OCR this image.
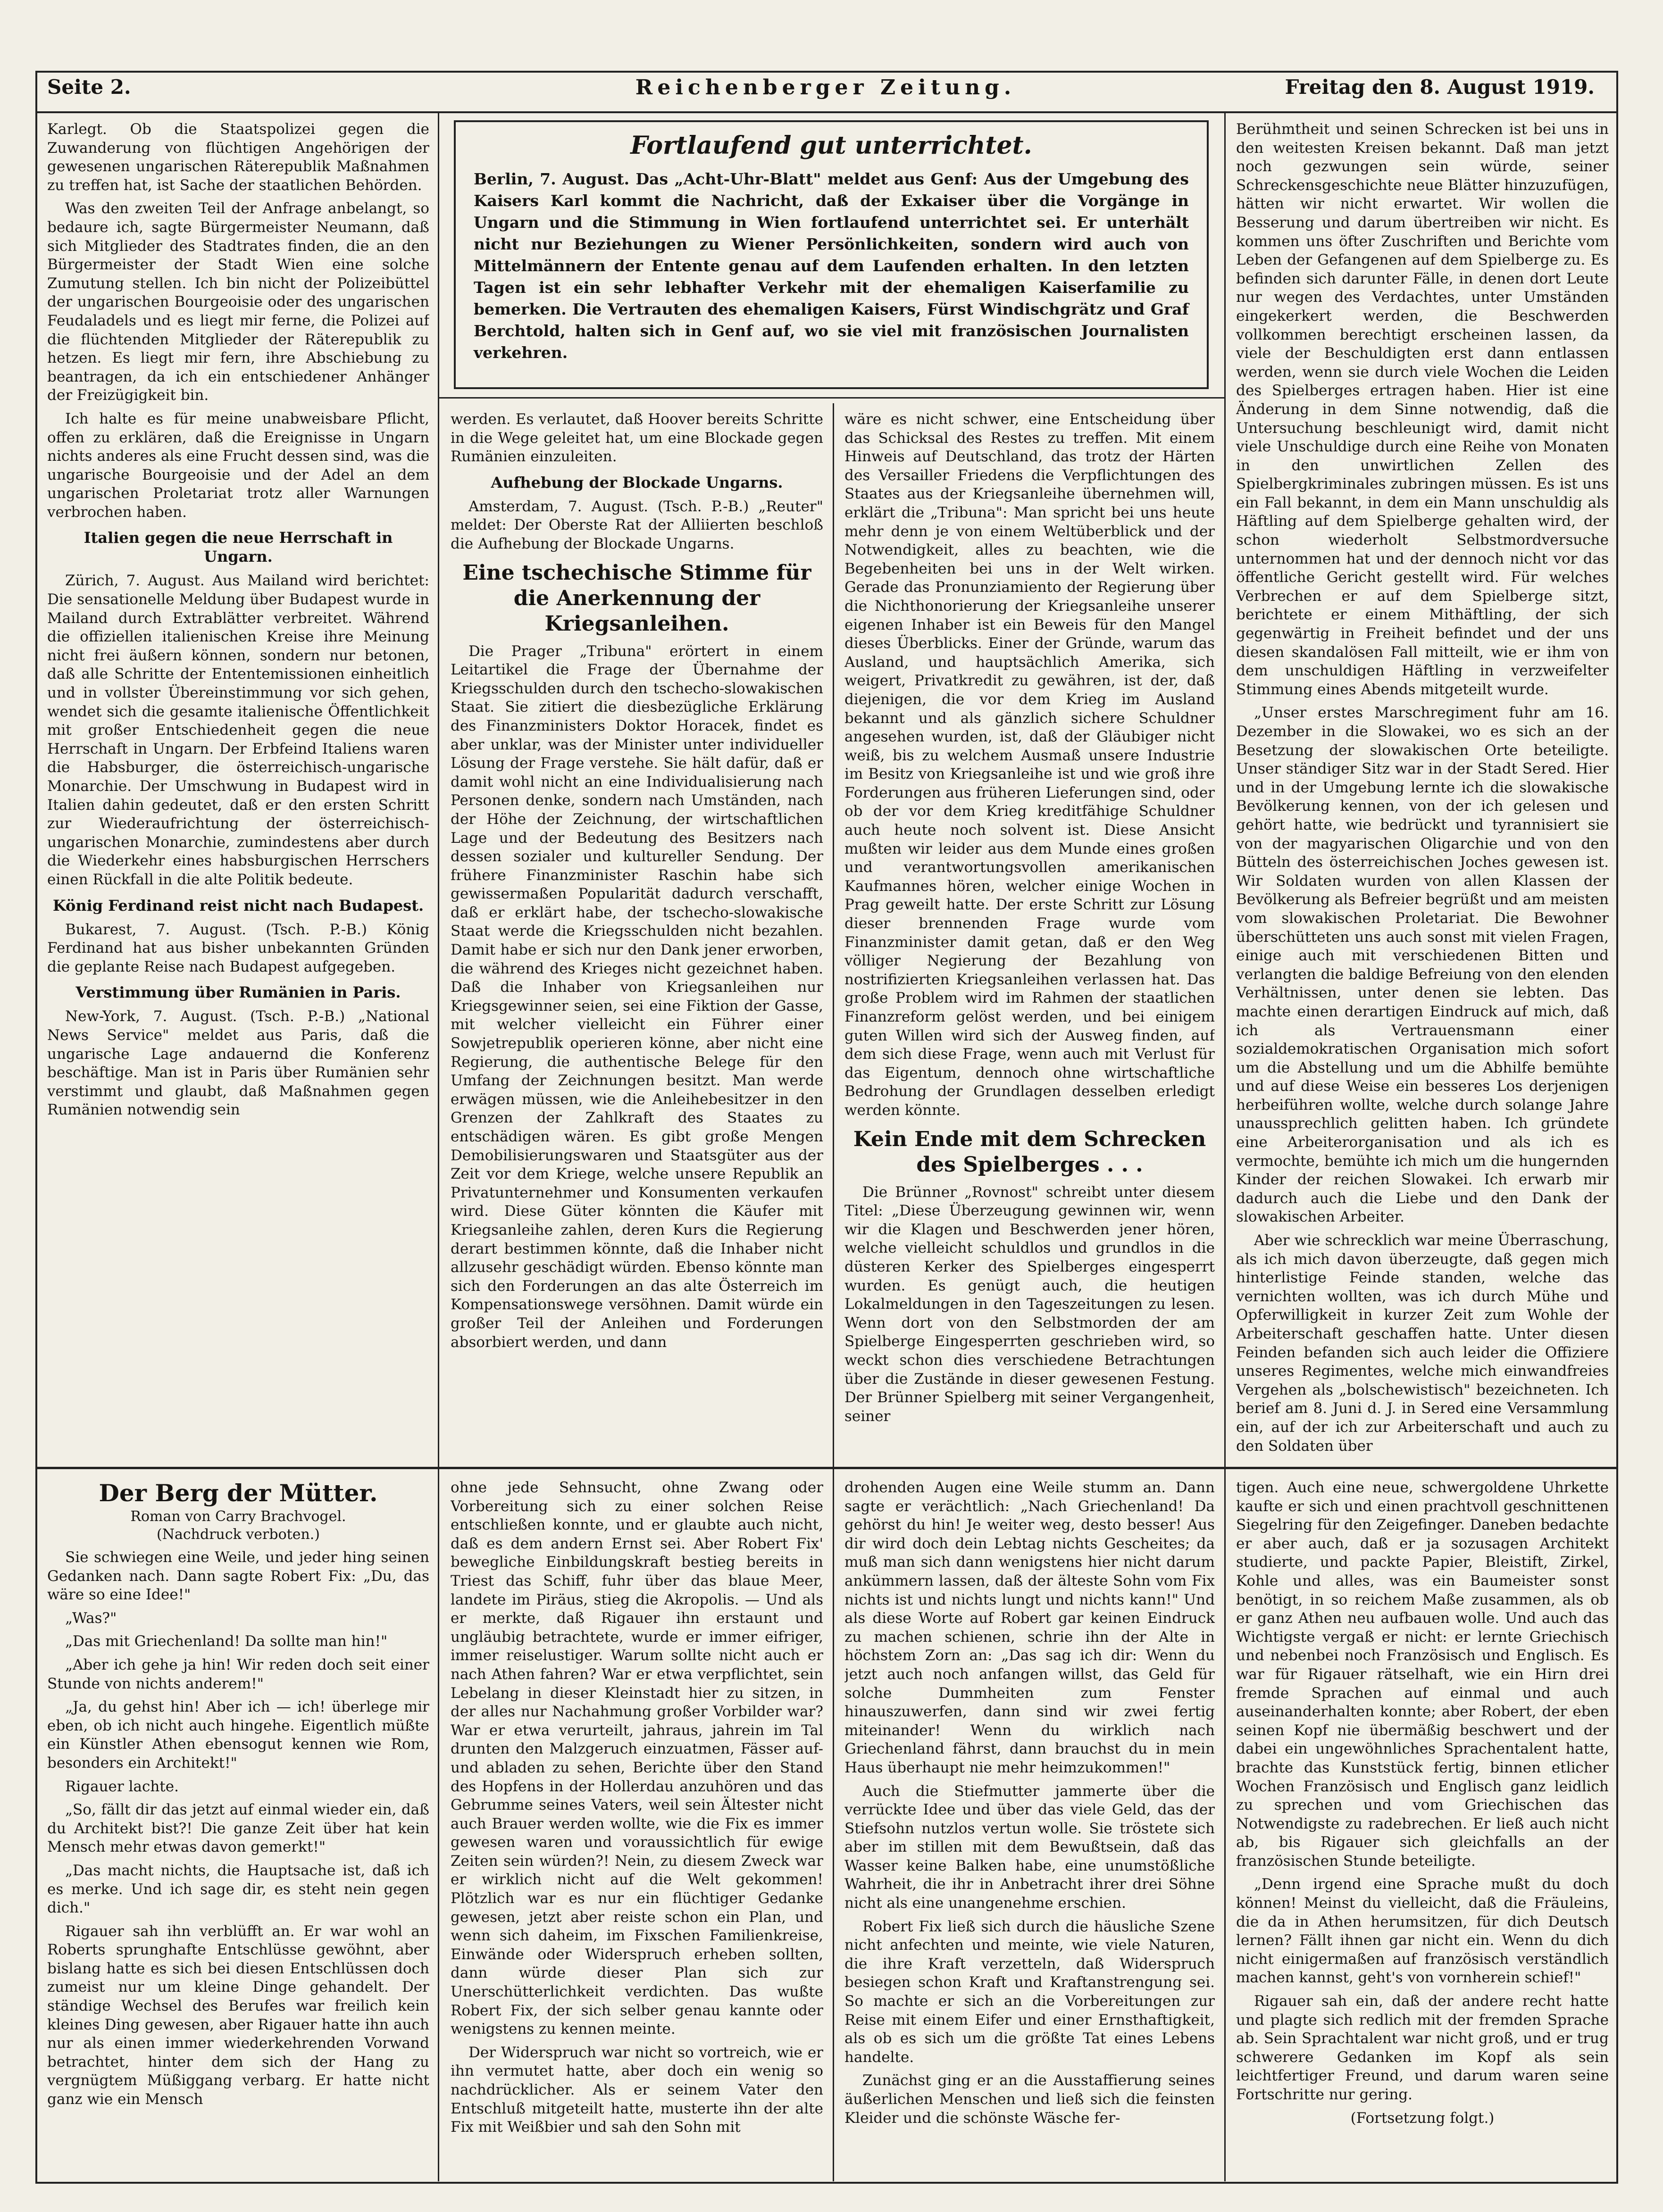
Seite 2.	Reichenberger Zeitung.	Freitag den 8. August 1919.

Karlegt. Ob die Staatspolizei gegen die Zuwanderung von flüchtigen Angehörigen der gewesenen ungarischen Räterepublik Maßnahmen zu treffen hat, ist Sache der staatlichen Behörden.

Was den zweiten Teil der Anfrage anbelangt, so bedaure ich, sagte Bürgermeister Neumann, daß sich Mitglieder des Stadtrates finden, die an den Bürgermeister der Stadt Wien eine solche Zumutung stellen. Ich bin nicht der Polizeibüttel der ungarischen Bourgeoisie oder des ungarischen Feudaladels und es liegt mir ferne, die Polizei auf die flüchtenden Mitglieder der Räterepublik zu hetzen. Es liegt mir fern, ihre Abschiebung zu beantragen, da ich ein entschiedener Anhänger der Freizügigkeit bin.

Ich halte es für meine unabweisbare Pflicht, offen zu erklären, daß die Ereignisse in Ungarn nichts anderes als eine Frucht dessen sind, was die ungarische Bourgeoisie und der Adel an dem ungarischen Proletariat trotz aller Warnungen verbrochen haben.

Italien gegen die neue Herrschaft in Ungarn.

Zürich, 7. August. Aus Mailand wird berichtet: Die sensationelle Meldung über Budapest wurde in Mailand durch Extrablätter verbreitet. Während die offiziellen italienischen Kreise ihre Meinung nicht frei äußern können, sondern nur betonen, daß alle Schritte der Ententemissionen einheitlich und in vollster Übereinstimmung vor sich gehen, wendet sich die gesamte italienische Öffentlichkeit mit großer Entschiedenheit gegen die neue Herrschaft in Ungarn. Der Erbfeind Italiens waren die Habsburger, die österreichisch-ungarische Monarchie. Der Umschwung in Budapest wird in Italien dahin gedeutet, daß er den ersten Schritt zur Wiederaufrichtung der österreichisch-ungarischen Monarchie, zumindestens aber durch die Wiederkehr eines habsburgischen Herrschers einen Rückfall in die alte Politik bedeute.

König Ferdinand reist nicht nach Budapest.

Bukarest, 7. August. (Tsch. P.-B.) König Ferdinand hat aus bisher unbekannten Gründen die geplante Reise nach Budapest aufgegeben.

Verstimmung über Rumänien in Paris.

New-York, 7. August. (Tsch. P.-B.) „National News Service" meldet aus Paris, daß die ungarische Lage andauernd die Konferenz beschäftige. Man ist in Paris über Rumänien sehr verstimmt und glaubt, daß Maßnahmen gegen Rumänien notwendig sein

Fortlaufend gut unterrichtet.
Berlin, 7. August. Das „Acht-Uhr-Blatt" meldet aus Genf: Aus der Umgebung des Kaisers Karl kommt die Nachricht, daß der Exkaiser über die Vorgänge in Ungarn und die Stimmung in Wien fortlaufend unterrichtet sei. Er unterhält nicht nur Beziehungen zu Wiener Persönlichkeiten, sondern wird auch von Mittelmännern der Entente genau auf dem Laufenden erhalten. In den letzten Tagen ist ein sehr lebhafter Verkehr mit der ehemaligen Kaiserfamilie zu bemerken. Die Vertrauten des ehemaligen Kaisers, Fürst Windischgrätz und Graf Berchtold, halten sich in Genf auf, wo sie viel mit französischen Journalisten verkehren.

werden. Es verlautet, daß Hoover bereits Schritte in die Wege geleitet hat, um eine Blockade gegen Rumänien einzuleiten.

Aufhebung der Blockade Ungarns.

Amsterdam, 7. August. (Tsch. P.-B.) „Reuter" meldet: Der Oberste Rat der Alliierten beschloß die Aufhebung der Blockade Ungarns.

Eine tschechische Stimme für die Anerkennung der Kriegsanleihen.

Die Prager „Tribuna" erörtert in einem Leitartikel die Frage der Übernahme der Kriegsschulden durch den tschecho-slowakischen Staat. Sie zitiert die diesbezügliche Erklärung des Finanzministers Doktor Horacek, findet es aber unklar, was der Minister unter individueller Lösung der Frage verstehe. Sie hält dafür, daß er damit wohl nicht an eine Individualisierung nach Personen denke, sondern nach Umständen, nach der Höhe der Zeichnung, der wirtschaftlichen Lage und der Bedeutung des Besitzers nach dessen sozialer und kultureller Sendung. Der frühere Finanzminister Raschin habe sich gewissermaßen Popularität dadurch verschafft, daß er erklärt habe, der tschecho-slowakische Staat werde die Kriegsschulden nicht bezahlen. Damit habe er sich nur den Dank jener erworben, die während des Krieges nicht gezeichnet haben. Daß die Inhaber von Kriegsanleihen nur Kriegsgewinner seien, sei eine Fiktion der Gasse, mit welcher vielleicht ein Führer einer Sowjetrepublik operieren könne, aber nicht eine Regierung, die authentische Belege für den Umfang der Zeichnungen besitzt. Man werde erwägen müssen, wie die Anleihebesitzer in den Grenzen der Zahlkraft des Staates zu entschädigen wären. Es gibt große Mengen Demobilisierungswaren und Staatsgüter aus der Zeit vor dem Kriege, welche unsere Republik an Privatunternehmer und Konsumenten verkaufen wird. Diese Güter könnten die Käufer mit Kriegsanleihe zahlen, deren Kurs die Regierung derart bestimmen könnte, daß die Inhaber nicht allzusehr geschädigt würden. Ebenso könnte man sich den Forderungen an das alte Österreich im Kompensationswege versöhnen. Damit würde ein großer Teil der Anleihen und Forderungen absorbiert werden, und dann

wäre es nicht schwer, eine Entscheidung über das Schicksal des Restes zu treffen. Mit einem Hinweis auf Deutschland, das trotz der Härten des Versailler Friedens die Verpflichtungen des Staates aus der Kriegsanleihe übernehmen will, erklärt die „Tribuna": Man spricht bei uns heute mehr denn je von einem Weltüberblick und der Notwendigkeit, alles zu beachten, wie die Begebenheiten bei uns in der Welt wirken. Gerade das Pronunziamiento der Regierung über die Nichthonorierung der Kriegsanleihe unserer eigenen Inhaber ist ein Beweis für den Mangel dieses Überblicks. Einer der Gründe, warum das Ausland, und hauptsächlich Amerika, sich weigert, Privatkredit zu gewähren, ist der, daß diejenigen, die vor dem Krieg im Ausland bekannt und als gänzlich sichere Schuldner angesehen wurden, ist, daß der Gläubiger nicht weiß, bis zu welchem Ausmaß unsere Industrie im Besitz von Kriegsanleihe ist und wie groß ihre Forderungen aus früheren Lieferungen sind, oder ob der vor dem Krieg kreditfähige Schuldner auch heute noch solvent ist. Diese Ansicht mußten wir leider aus dem Munde eines großen und verantwortungsvollen amerikanischen Kaufmannes hören, welcher einige Wochen in Prag geweilt hatte. Der erste Schritt zur Lösung dieser brennenden Frage wurde vom Finanzminister damit getan, daß er den Weg völliger Negierung der Bezahlung von nostrifizierten Kriegsanleihen verlassen hat. Das große Problem wird im Rahmen der staatlichen Finanzreform gelöst werden, und bei einigem guten Willen wird sich der Ausweg finden, auf dem sich diese Frage, wenn auch mit Verlust für das Eigentum, dennoch ohne wirtschaftliche Bedrohung der Grundlagen desselben erledigt werden könnte.

Kein Ende mit dem Schrecken des Spielberges . . .

Die Brünner „Rovnost" schreibt unter diesem Titel: „Diese Überzeugung gewinnen wir, wenn wir die Klagen und Beschwerden jener hören, welche vielleicht schuldlos und grundlos in die düsteren Kerker des Spielberges eingesperrt wurden. Es genügt auch, die heutigen Lokalmeldungen in den Tageszeitungen zu lesen. Wenn dort von den Selbstmorden der am Spielberge Eingesperrten geschrieben wird, so weckt schon dies verschiedene Betrachtungen über die Zustände in dieser gewesenen Festung. Der Brünner Spielberg mit seiner Vergangenheit, seiner

Berühmtheit und seinen Schrecken ist bei uns in den weitesten Kreisen bekannt. Daß man jetzt noch gezwungen sein würde, seiner Schreckensgeschichte neue Blätter hinzuzufügen, hätten wir nicht erwartet. Wir wollen die Besserung und darum übertreiben wir nicht. Es kommen uns öfter Zuschriften und Berichte vom Leben der Gefangenen auf dem Spielberge zu. Es befinden sich darunter Fälle, in denen dort Leute nur wegen des Verdachtes, unter Umständen eingekerkert werden, die Beschwerden vollkommen berechtigt erscheinen lassen, da viele der Beschuldigten erst dann entlassen werden, wenn sie durch viele Wochen die Leiden des Spielberges ertragen haben. Hier ist eine Änderung in dem Sinne notwendig, daß die Untersuchung beschleunigt wird, damit nicht viele Unschuldige durch eine Reihe von Monaten in den unwirtlichen Zellen des Spielbergkriminales zubringen müssen. Es ist uns ein Fall bekannt, in dem ein Mann unschuldig als Häftling auf dem Spielberge gehalten wird, der schon wiederholt Selbstmordversuche unternommen hat und der dennoch nicht vor das öffentliche Gericht gestellt wird. Für welches Verbrechen er auf dem Spielberge sitzt, berichtete er einem Mithäftling, der sich gegenwärtig in Freiheit befindet und der uns diesen skandalösen Fall mitteilt, wie er ihm von dem unschuldigen Häftling in verzweifelter Stimmung eines Abends mitgeteilt wurde.

„Unser erstes Marschregiment fuhr am 16. Dezember in die Slowakei, wo es sich an der Besetzung der slowakischen Orte beteiligte. Unser ständiger Sitz war in der Stadt Sered. Hier und in der Umgebung lernte ich die slowakische Bevölkerung kennen, von der ich gelesen und gehört hatte, wie bedrückt und tyrannisiert sie von der magyarischen Oligarchie und von den Bütteln des österreichischen Joches gewesen ist. Wir Soldaten wurden von allen Klassen der Bevölkerung als Befreier begrüßt und am meisten vom slowakischen Proletariat. Die Bewohner überschütteten uns auch sonst mit vielen Fragen, einige auch mit verschiedenen Bitten und verlangten die baldige Befreiung von den elenden Verhältnissen, unter denen sie lebten. Das machte einen derartigen Eindruck auf mich, daß ich als Vertrauensmann einer sozialdemokratischen Organisation mich sofort um die Abstellung und um die Abhilfe bemühte und auf diese Weise ein besseres Los derjenigen herbeiführen wollte, welche durch solange Jahre unaussprechlich gelitten haben. Ich gründete eine Arbeiterorganisation und als ich es vermochte, bemühte ich mich um die hungernden Kinder der reichen Slowakei. Ich erwarb mir dadurch auch die Liebe und den Dank der slowakischen Arbeiter.

Aber wie schrecklich war meine Überraschung, als ich mich davon überzeugte, daß gegen mich hinterlistige Feinde standen, welche das vernichten wollten, was ich durch Mühe und Opferwilligkeit in kurzer Zeit zum Wohle der Arbeiterschaft geschaffen hatte. Unter diesen Feinden befanden sich auch leider die Offiziere unseres Regimentes, welche mich einwandfreies Vergehen als „bolschewistisch" bezeichneten. Ich berief am 8. Juni d. J. in Sered eine Versammlung ein, auf der ich zur Arbeiterschaft und auch zu den Soldaten über

Der Berg der Mütter.
Roman von Carry Brachvogel.
(Nachdruck verboten.)

Sie schwiegen eine Weile, und jeder hing seinen Gedanken nach. Dann sagte Robert Fix: „Du, das wäre so eine Idee!"

„Was?"

„Das mit Griechenland! Da sollte man hin!"

„Aber ich gehe ja hin! Wir reden doch seit einer Stunde von nichts anderem!"

„Ja, du gehst hin! Aber ich — ich! überlege mir eben, ob ich nicht auch hingehe. Eigentlich müßte ein Künstler Athen ebensogut kennen wie Rom, besonders ein Architekt!"

Rigauer lachte.

„So, fällt dir das jetzt auf einmal wieder ein, daß du Architekt bist?! Die ganze Zeit über hat kein Mensch mehr etwas davon gemerkt!"

„Das macht nichts, die Hauptsache ist, daß ich es merke. Und ich sage dir, es steht nein gegen dich."

Rigauer sah ihn verblüfft an. Er war wohl an Roberts sprunghafte Entschlüsse gewöhnt, aber bislang hatte es sich bei diesen Entschlüssen doch zumeist nur um kleine Dinge gehandelt. Der ständige Wechsel des Berufes war freilich kein kleines Ding gewesen, aber Rigauer hatte ihn auch nur als einen immer wiederkehrenden Vorwand betrachtet, hinter dem sich der Hang zu vergnügtem Müßiggang verbarg. Er hatte nicht ganz wie ein Mensch

ohne jede Sehnsucht, ohne Zwang oder Vorbereitung sich zu einer solchen Reise entschließen konnte, und er glaubte auch nicht, daß es dem andern Ernst sei. Aber Robert Fix' bewegliche Einbildungskraft bestieg bereits in Triest das Schiff, fuhr über das blaue Meer, landete im Piräus, stieg die Akropolis. — Und als er merkte, daß Rigauer ihn erstaunt und ungläubig betrachtete, wurde er immer eifriger, immer reiselustiger. Warum sollte nicht auch er nach Athen fahren? War er etwa verpflichtet, sein Lebelang in dieser Kleinstadt hier zu sitzen, in der alles nur Nachahmung großer Vorbilder war? War er etwa verurteilt, jahraus, jahrein im Tal drunten den Malzgeruch einzuatmen, Fässer auf- und abladen zu sehen, Berichte über den Stand des Hopfens in der Hollerdau anzuhören und das Gebrumme seines Vaters, weil sein Ältester nicht auch Brauer werden wollte, wie die Fix es immer gewesen waren und voraussichtlich für ewige Zeiten sein würden?! Nein, zu diesem Zweck war er wirklich nicht auf die Welt gekommen! Plötzlich war es nur ein flüchtiger Gedanke gewesen, jetzt aber reiste schon ein Plan, und wenn sich daheim, im Fixschen Familienkreise, Einwände oder Widerspruch erheben sollten, dann würde dieser Plan sich zur Unerschütterlichkeit verdichten. Das wußte Robert Fix, der sich selber genau kannte oder wenigstens zu kennen meinte.

Der Widerspruch war nicht so vortreich, wie er ihn vermutet hatte, aber doch ein wenig so nachdrücklicher. Als er seinem Vater den Entschluß mitgeteilt hatte, musterte ihn der alte Fix mit Weißbier und sah den Sohn mit

drohenden Augen eine Weile stumm an. Dann sagte er verächtlich: „Nach Griechenland! Da gehörst du hin! Je weiter weg, desto besser! Aus dir wird doch dein Lebtag nichts Gescheites; da muß man sich dann wenigstens hier nicht darum ankümmern lassen, daß der älteste Sohn vom Fix nichts ist und nichts lungt und nichts kann!" Und als diese Worte auf Robert gar keinen Eindruck zu machen schienen, schrie ihn der Alte in höchstem Zorn an: „Das sag ich dir: Wenn du jetzt auch noch anfangen willst, das Geld für solche Dummheiten zum Fenster hinauszuwerfen, dann sind wir zwei fertig miteinander! Wenn du wirklich nach Griechenland fährst, dann brauchst du in mein Haus überhaupt nie mehr heimzukommen!"

Auch die Stiefmutter jammerte über die verrückte Idee und über das viele Geld, das der Stiefsohn nutzlos vertun wolle. Sie tröstete sich aber im stillen mit dem Bewußtsein, daß das Wasser keine Balken habe, eine unumstößliche Wahrheit, die ihr in Anbetracht ihrer drei Söhne nicht als eine unangenehme erschien.

Robert Fix ließ sich durch die häusliche Szene nicht anfechten und meinte, wie viele Naturen, die ihre Kraft verzetteln, daß Widerspruch besiegen schon Kraft und Kraftanstrengung sei. So machte er sich an die Vorbereitungen zur Reise mit einem Eifer und einer Ernsthaftigkeit, als ob es sich um die größte Tat eines Lebens handelte.

Zunächst ging er an die Ausstaffierung seines äußerlichen Menschen und ließ sich die feinsten Kleider und die schönste Wäsche fer-

tigen. Auch eine neue, schwergoldene Uhrkette kaufte er sich und einen prachtvoll geschnittenen Siegelring für den Zeigefinger. Daneben bedachte er aber auch, daß er ja sozusagen Architekt studierte, und packte Papier, Bleistift, Zirkel, Kohle und alles, was ein Baumeister sonst benötigt, in so reichem Maße zusammen, als ob er ganz Athen neu aufbauen wolle. Und auch das Wichtigste vergaß er nicht: er lernte Griechisch und nebenbei noch Französisch und Englisch. Es war für Rigauer rätselhaft, wie ein Hirn drei fremde Sprachen auf einmal und auch auseinanderhalten konnte; aber Robert, der eben seinen Kopf nie übermäßig beschwert und der dabei ein ungewöhnliches Sprachentalent hatte, brachte das Kunststück fertig, binnen etlicher Wochen Französisch und Englisch ganz leidlich zu sprechen und vom Griechischen das Notwendigste zu radebrechen. Er ließ auch nicht ab, bis Rigauer sich gleichfalls an der französischen Stunde beteiligte.

„Denn irgend eine Sprache mußt du doch können! Meinst du vielleicht, daß die Fräuleins, die da in Athen herumsitzen, für dich Deutsch lernen? Fällt ihnen gar nicht ein. Wenn du dich nicht einigermaßen auf französisch verständlich machen kannst, geht's von vornherein schief!"

Rigauer sah ein, daß der andere recht hatte und plagte sich redlich mit der fremden Sprache ab. Sein Sprachtalent war nicht groß, und er trug schwerere Gedanken im Kopf als sein leichtfertiger Freund, und darum waren seine Fortschritte nur gering.

(Fortsetzung folgt.)
